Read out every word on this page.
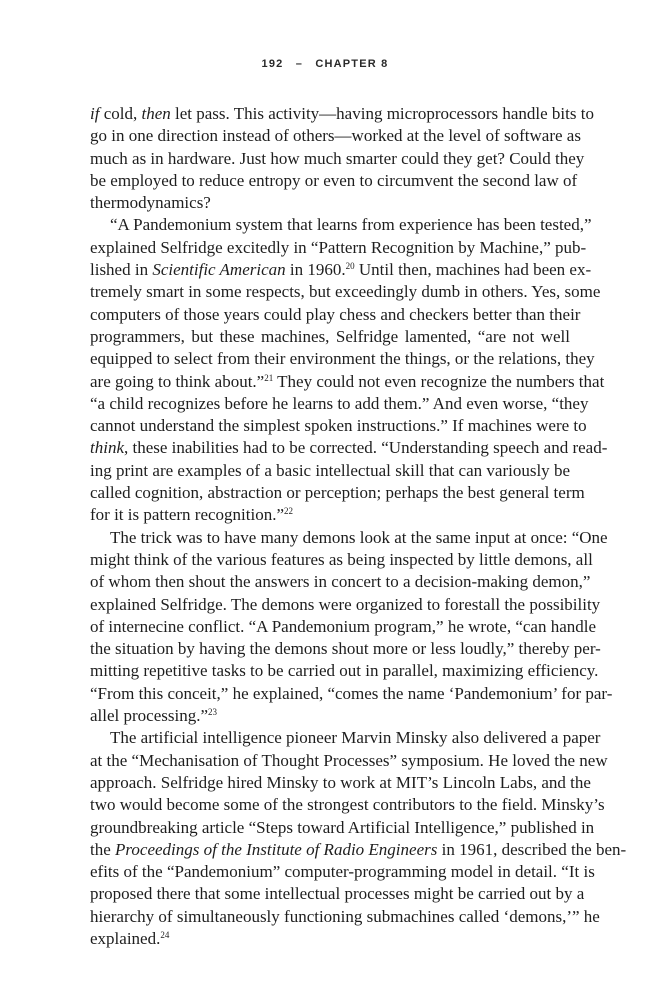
192 – CHAPTER 8

if cold, then let pass. This activity—having microprocessors handle bits to
go in one direction instead of others—worked at the level of software as
much as in hardware. Just how much smarter could they get? Could they
be employed to reduce entropy or even to circumvent the second law of
thermodynamics?

“A Pandemonium system that learns from experience has been tested,”
explained Selfridge excitedly in “Pattern Recognition by Machine,” pub-
lished in Scientific American in 1960.20 Until then, machines had been ex-
tremely smart in some respects, but exceedingly dumb in others. Yes, some
computers of those years could play chess and checkers better than their
programmers, but these machines, Selfridge lamented, “are not well
equipped to select from their environment the things, or the relations, they
are going to think about.”$^{21}$ They could not even recognize the numbers that
“a child recognizes before he learns to add them.” And even worse, “they
cannot understand the simplest spoken instructions.” If machines were to
think, these inabilities had to be corrected. “Understanding speech and read-
ing print are examples of a basic intellectual skill that can variously be
called cognition, abstraction or perception; perhaps the best general term
for it is pattern recognition.”$^{22}$

The trick was to have many demons look at the same input at once: “One
might think of the various features as being inspected by little demons, all
of whom then shout the answers in concert to a decision-making demon,”
explained Selfridge. The demons were organized to forestall the possibility
of internecine conflict. “A Pandemonium program,” he wrote, “can handle
the situation by having the demons shout more or less loudly,” thereby per-
mitting repetitive tasks to be carried out in parallel, maximizing efficiency.
“From this conceit,” he explained, “comes the name ‘Pandemonium’ for par-
allel processing.”$^{23}$

The artificial intelligence pioneer Marvin Minsky also delivered a paper
at the “Mechanisation of Thought Processes” symposium. He loved the new
approach. Selfridge hired Minsky to work at MIT’s Lincoln Labs, and the
two would become some of the strongest contributors to the field. Minsky’s
groundbreaking article “Steps toward Artificial Intelligence,” published in
the Proceedings of the Institute of Radio Engineers in 1961, described the ben-
efits of the “Pandemonium” computer-programming model in detail. “It is
proposed there that some intellectual processes might be carried out by a
hierarchy of simultaneously functioning submachines called ‘demons,’” he
explained.$^{24}$
